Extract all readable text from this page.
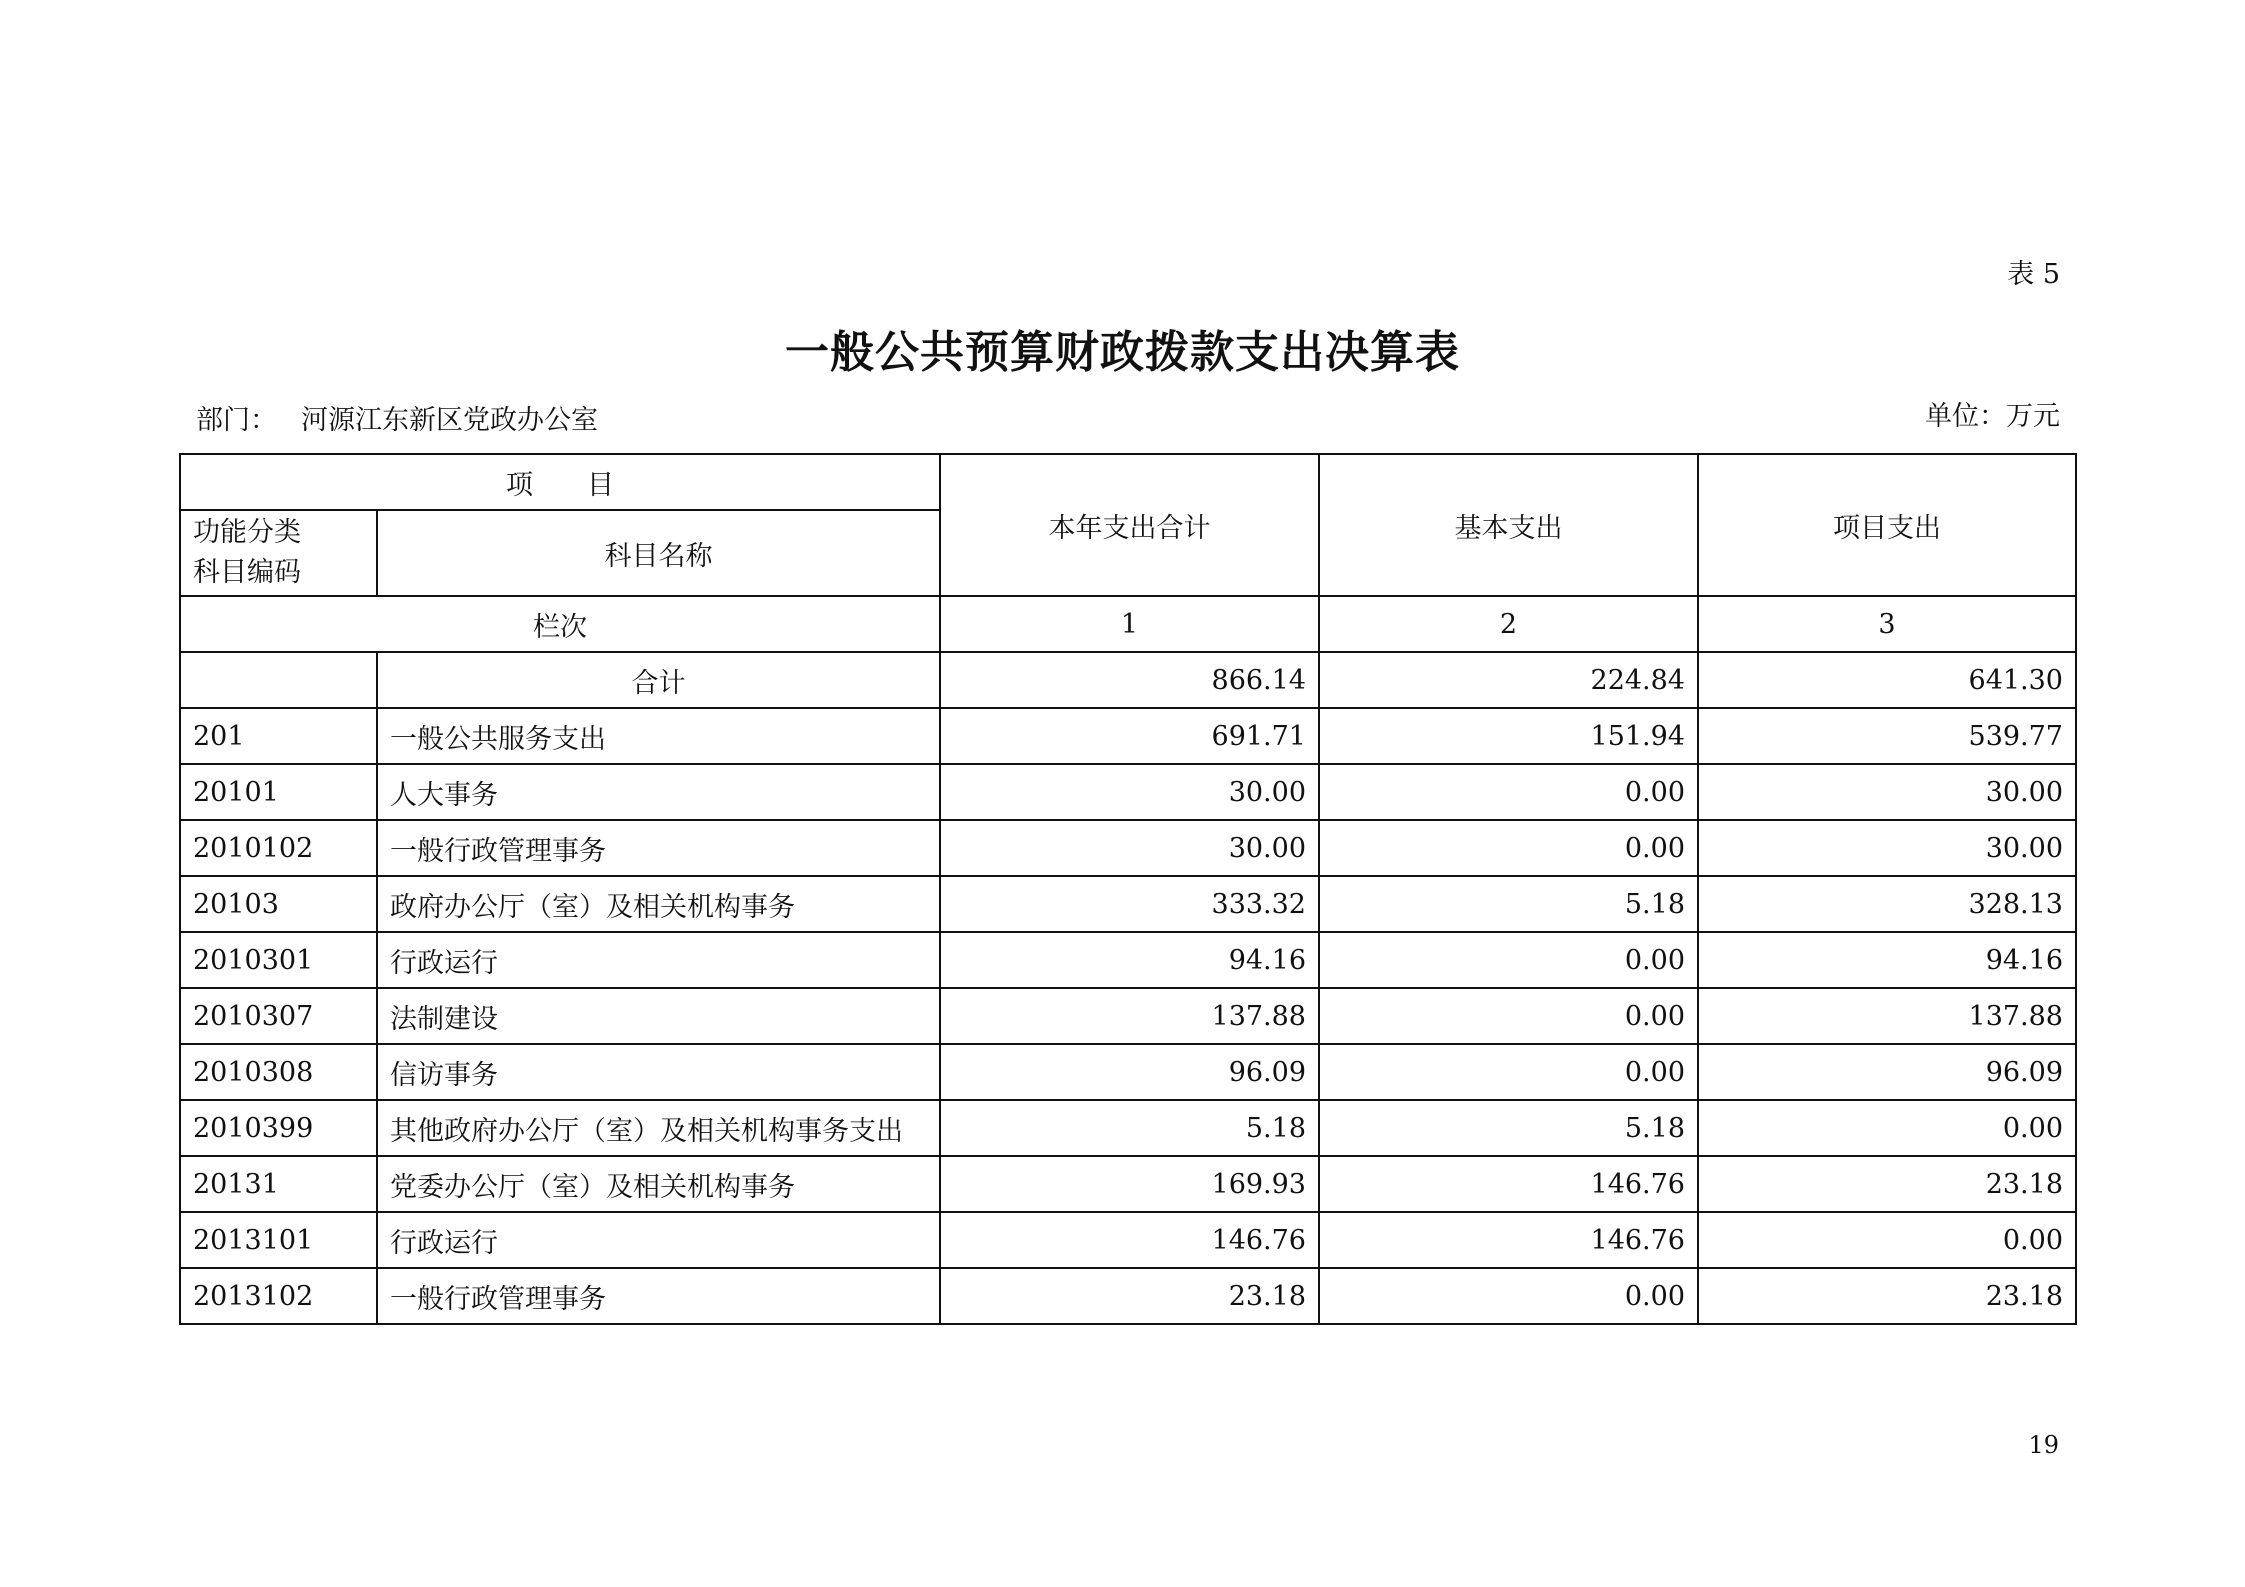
表 5
一般公共预算财政拨款支出决算表
部门： 河源江东新区党政办公室	单位：万元
项　　目		本年支出合计	基本支出	项目支出
功能分类
科目编码	科目名称			
栏次		1	2	3
	合计	866.14	224.84	641.30
201	一般公共服务支出	691.71	151.94	539.77
20101	人大事务	30.00	0.00	30.00
2010102	一般行政管理事务	30.00	0.00	30.00
20103	政府办公厅（室）及相关机构事务	333.32	5.18	328.13
2010301	行政运行	94.16	0.00	94.16
2010307	法制建设	137.88	0.00	137.88
2010308	信访事务	96.09	0.00	96.09
2010399	其他政府办公厅（室）及相关机构事务支出	5.18	5.18	0.00
20131	党委办公厅（室）及相关机构事务	169.93	146.76	23.18
2013101	行政运行	146.76	146.76	0.00
2013102	一般行政管理事务	23.18	0.00	23.18
19
